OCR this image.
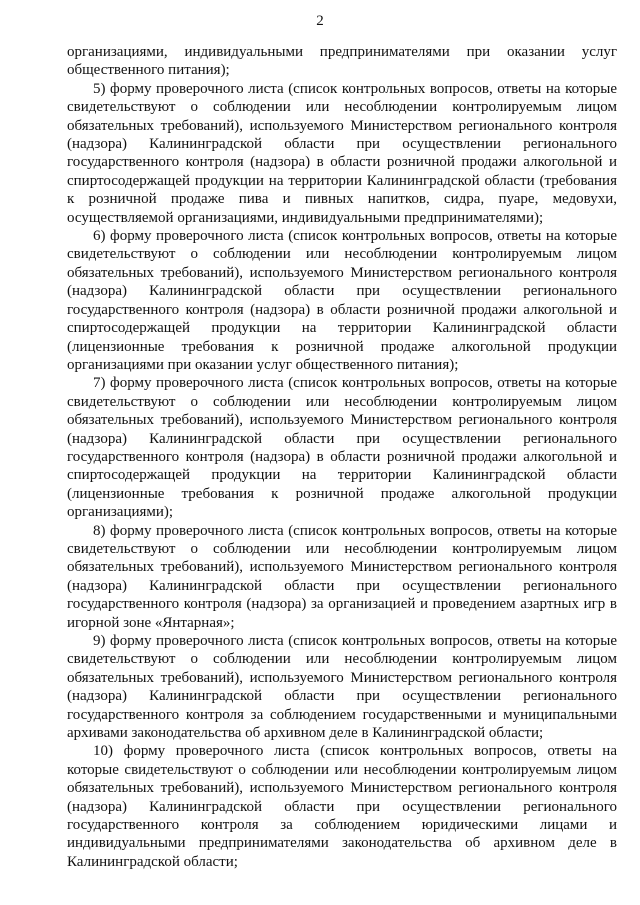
2

организациями, индивидуальными предпринимателями при оказании услуг общественного питания);

5) форму проверочного листа (список контрольных вопросов, ответы на которые свидетельствуют о соблюдении или несоблюдении контролируемым лицом обязательных требований), используемого Министерством регионального контроля (надзора) Калининградской области при осуществлении регионального государственного контроля (надзора) в области розничной продажи алкогольной и спиртосодержащей продукции на территории Калининградской области (требования к розничной продаже пива и пивных напитков, сидра, пуаре, медовухи, осуществляемой организациями, индивидуальными предпринимателями);

6) форму проверочного листа (список контрольных вопросов, ответы на которые свидетельствуют о соблюдении или несоблюдении контролируемым лицом обязательных требований), используемого Министерством регионального контроля (надзора) Калининградской области при осуществлении регионального государственного контроля (надзора) в области розничной продажи алкогольной и спиртосодержащей продукции на территории Калининградской области (лицензионные требования к розничной продаже алкогольной продукции организациями при оказании услуг общественного питания);

7) форму проверочного листа (список контрольных вопросов, ответы на которые свидетельствуют о соблюдении или несоблюдении контролируемым лицом обязательных требований), используемого Министерством регионального контроля (надзора) Калининградской области при осуществлении регионального государственного контроля (надзора) в области розничной продажи алкогольной и спиртосодержащей продукции на территории Калининградской области (лицензионные требования к розничной продаже алкогольной продукции организациями);

8) форму проверочного листа (список контрольных вопросов, ответы на которые свидетельствуют о соблюдении или несоблюдении контролируемым лицом обязательных требований), используемого Министерством регионального контроля (надзора) Калининградской области при осуществлении регионального государственного контроля (надзора) за организацией и проведением азартных игр в игорной зоне «Янтарная»;

9) форму проверочного листа (список контрольных вопросов, ответы на которые свидетельствуют о соблюдении или несоблюдении контролируемым лицом обязательных требований), используемого Министерством регионального контроля (надзора) Калининградской области при осуществлении регионального государственного контроля за соблюдением государственными и муниципальными архивами законодательства об архивном деле в Калининградской области;

10) форму проверочного листа (список контрольных вопросов, ответы на которые свидетельствуют о соблюдении или несоблюдении контролируемым лицом обязательных требований), используемого Министерством регионального контроля (надзора) Калининградской области при осуществлении регионального государственного контроля за соблюдением юридическими лицами и индивидуальными предпринимателями законодательства об архивном деле в Калининградской области;
